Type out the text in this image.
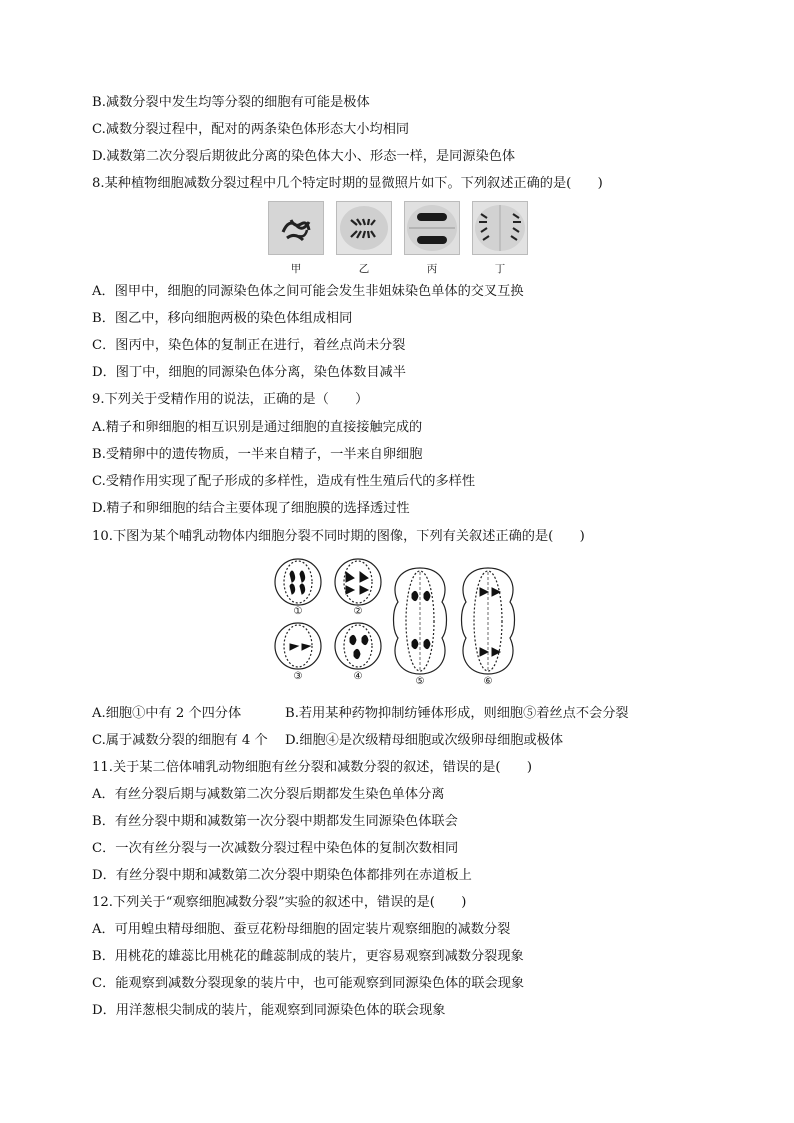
B.减数分裂中发生均等分裂的细胞有可能是极体
C.减数分裂过程中，配对的两条染色体形态大小均相同
D.减数第二次分裂后期彼此分离的染色体大小、形态一样，是同源染色体
8.某种植物细胞减数分裂过程中几个特定时期的显微照片如下。下列叙述正确的是(　　)
甲	乙	丙	丁
A．图甲中，细胞的同源染色体之间可能会发生非姐妹染色单体的交叉互换
B．图乙中，移向细胞两极的染色体组成相同
C．图丙中，染色体的复制正在进行，着丝点尚未分裂
D．图丁中，细胞的同源染色体分离，染色体数目减半
9.下列关于受精作用的说法，正确的是（　　）
A.精子和卵细胞的相互识别是通过细胞的直接接触完成的
B.受精卵中的遗传物质，一半来自精子，一半来自卵细胞
C.受精作用实现了配子形成的多样性，造成有性生殖后代的多样性
D.精子和卵细胞的结合主要体现了细胞膜的选择透过性
10.下图为某个哺乳动物体内细胞分裂不同时期的图像，下列有关叙述正确的是(　　)
①	②
③	④	⑤	⑥
A.细胞①中有 2 个四分体	B.若用某种药物抑制纺锤体形成，则细胞⑤着丝点不会分裂
C.属于减数分裂的细胞有 4 个 D.细胞④是次级精母细胞或次级卵母细胞或极体
11.关于某二倍体哺乳动物细胞有丝分裂和减数分裂的叙述，错误的是(　　)
A．有丝分裂后期与减数第二次分裂后期都发生染色单体分离
B．有丝分裂中期和减数第一次分裂中期都发生同源染色体联会
C．一次有丝分裂与一次减数分裂过程中染色体的复制次数相同
D．有丝分裂中期和减数第二次分裂中期染色体都排列在赤道板上
12.下列关于“观察细胞减数分裂”实验的叙述中，错误的是(　　)
A．可用蝗虫精母细胞、蚕豆花粉母细胞的固定装片观察细胞的减数分裂
B．用桃花的雄蕊比用桃花的雌蕊制成的装片，更容易观察到减数分裂现象
C．能观察到减数分裂现象的装片中，也可能观察到同源染色体的联会现象
D．用洋葱根尖制成的装片，能观察到同源染色体的联会现象
